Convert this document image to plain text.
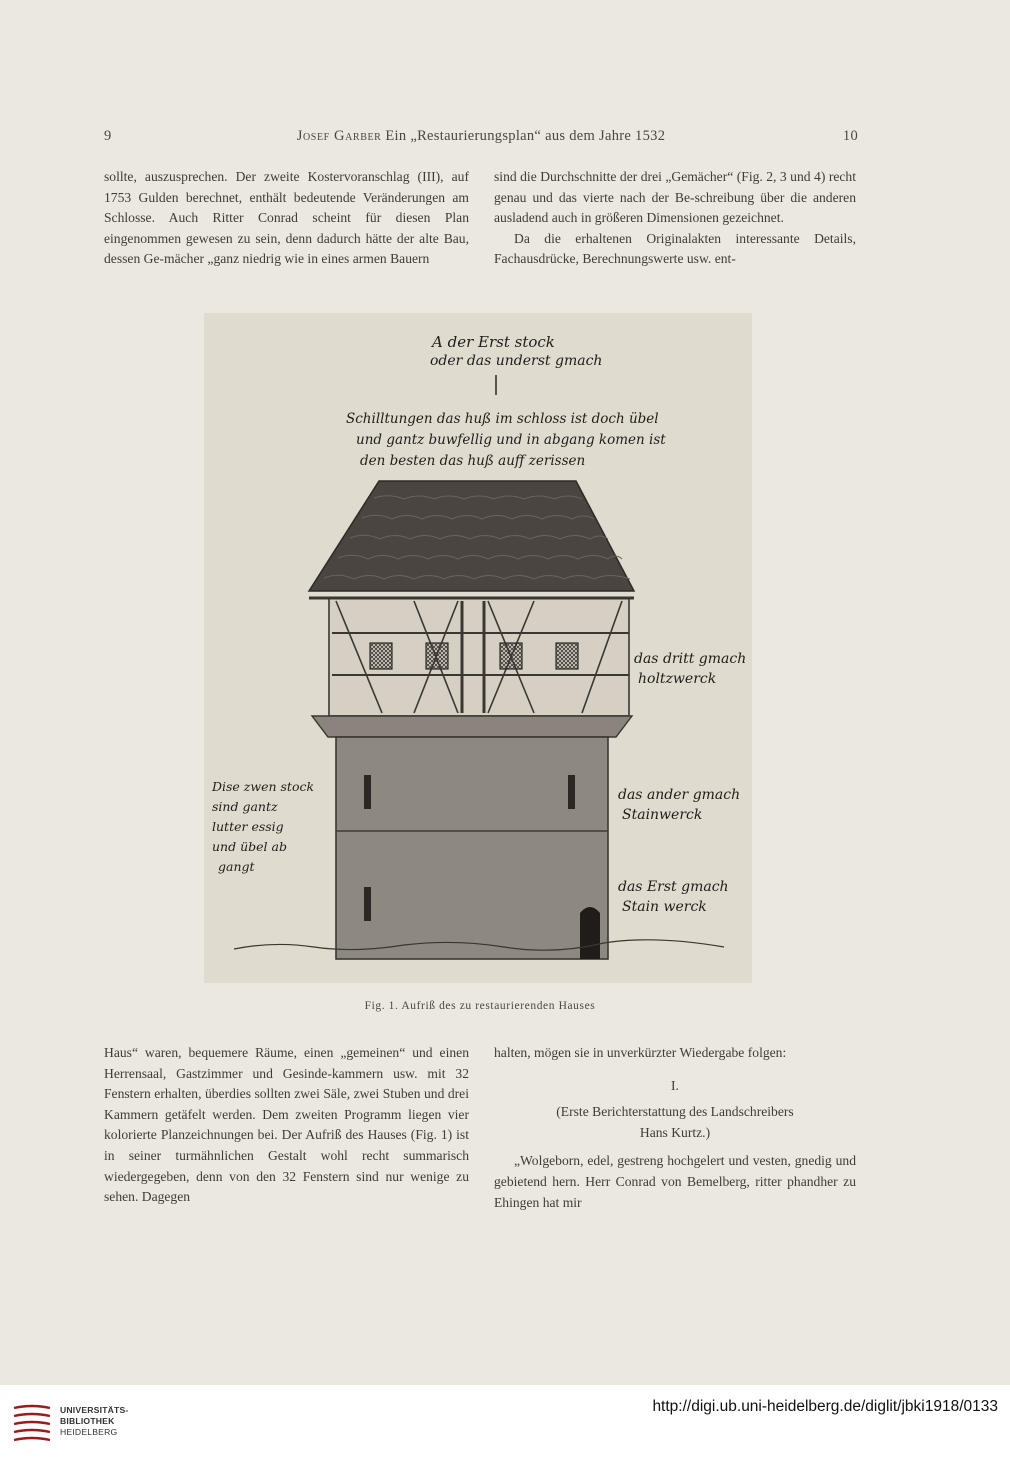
9	Josef Garber Ein „Restaurierungsplan“ aus dem Jahre 1532	10

sollte, auszusprechen. Der zweite Kostervoranschlag (III), auf 1753 Gulden berechnet, enthält bedeutende Veränderungen am Schlosse. Auch Ritter Conrad scheint für diesen Plan eingenommen gewesen zu sein, denn dadurch hätte der alte Bau, dessen Ge-mächer „ganz niedrig wie in eines armen Bauern

sind die Durchschnitte der drei „Gemächer“ (Fig. 2, 3 und 4) recht genau und das vierte nach der Be-schreibung über die anderen ausladend auch in größeren Dimensionen gezeichnet.

Da die erhaltenen Originalakten interessante Details, Fachausdrücke, Berechnungswerte usw. ent-

A der Erst stock
oder das underst gmach
Schilltungen das huß im schloss ist doch übel
und gantz buwfellig und in abgang komen ist
den besten das huß auff zerissen
das dritt gmach
holtzwerck
das ander gmach
Stainwerck
das Erst gmach
Stain werck
Dise zwen stock
sind gantz
lutter essig
und übel ab
gangt
Fig. 1. Aufriß des zu restaurierenden Hauses

Haus“ waren, bequemere Räume, einen „gemeinen“ und einen Herrensaal, Gastzimmer und Gesinde-kammern usw. mit 32 Fenstern erhalten, überdies sollten zwei Säle, zwei Stuben und drei Kammern getäfelt werden. Dem zweiten Programm liegen vier kolorierte Planzeichnungen bei. Der Aufriß des Hauses (Fig. 1) ist in seiner turmähnlichen Gestalt wohl recht summarisch wiedergegeben, denn von den 32 Fenstern sind nur wenige zu sehen. Dagegen

halten, mögen sie in unverkürzter Wiedergabe folgen:

I.

(Erste Berichterstattung des Landschreibers

Hans Kurtz.)

„Wolgeborn, edel, gestreng hochgelert und vesten, gnedig und gebietend hern. Herr Conrad von Bemelberg, ritter phandher zu Ehingen hat mir

UNIVERSITÄTS-
BIBLIOTHEK
HEIDELBERG
http://digi.ub.uni-heidelberg.de/diglit/jbki1918/0133
